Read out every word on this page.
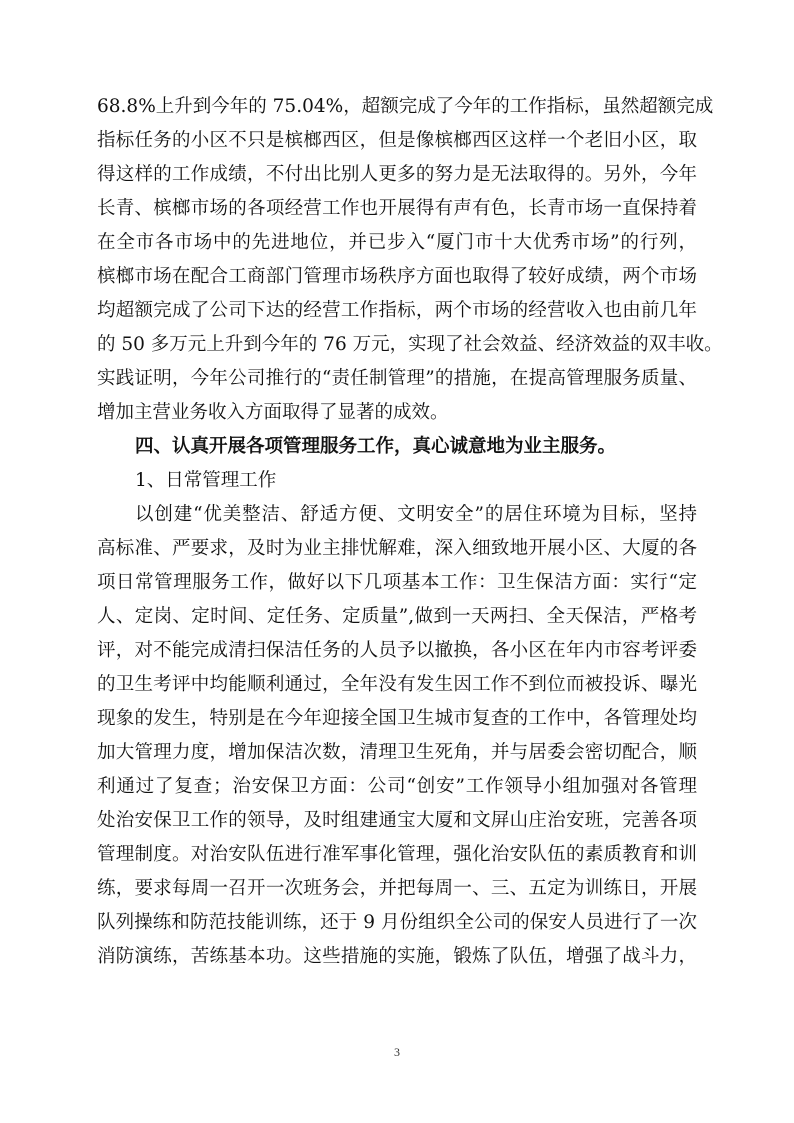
68.8%上升到今年的 75.04%，超额完成了今年的工作指标，虽然超额完成
指标任务的小区不只是槟榔西区，但是像槟榔西区这样一个老旧小区，取
得这样的工作成绩，不付出比别人更多的努力是无法取得的。另外，今年
长青、槟榔市场的各项经营工作也开展得有声有色，长青市场一直保持着
在全市各市场中的先进地位，并已步入“厦门市十大优秀市场”的行列，
槟榔市场在配合工商部门管理市场秩序方面也取得了较好成绩，两个市场
均超额完成了公司下达的经营工作指标，两个市场的经营收入也由前几年
的 50 多万元上升到今年的 76 万元，实现了社会效益、经济效益的双丰收。
实践证明，今年公司推行的“责任制管理”的措施，在提高管理服务质量、
增加主营业务收入方面取得了显著的成效。
四、认真开展各项管理服务工作，真心诚意地为业主服务。
1、日常管理工作
以创建“优美整洁、舒适方便、文明安全”的居住环境为目标，坚持
高标准、严要求，及时为业主排忧解难，深入细致地开展小区、大厦的各
项日常管理服务工作，做好以下几项基本工作：卫生保洁方面：实行“定
人、定岗、定时间、定任务、定质量”,做到一天两扫、全天保洁，严格考
评，对不能完成清扫保洁任务的人员予以撤换，各小区在年内市容考评委
的卫生考评中均能顺利通过，全年没有发生因工作不到位而被投诉、曝光
现象的发生，特别是在今年迎接全国卫生城市复查的工作中，各管理处均
加大管理力度，增加保洁次数，清理卫生死角，并与居委会密切配合，顺
利通过了复查；治安保卫方面：公司“创安”工作领导小组加强对各管理
处治安保卫工作的领导，及时组建通宝大厦和文屏山庄治安班，完善各项
管理制度。对治安队伍进行准军事化管理，强化治安队伍的素质教育和训
练，要求每周一召开一次班务会，并把每周一、三、五定为训练日，开展
队列操练和防范技能训练，还于 9 月份组织全公司的保安人员进行了一次
消防演练，苦练基本功。这些措施的实施，锻炼了队伍，增强了战斗力，
3
